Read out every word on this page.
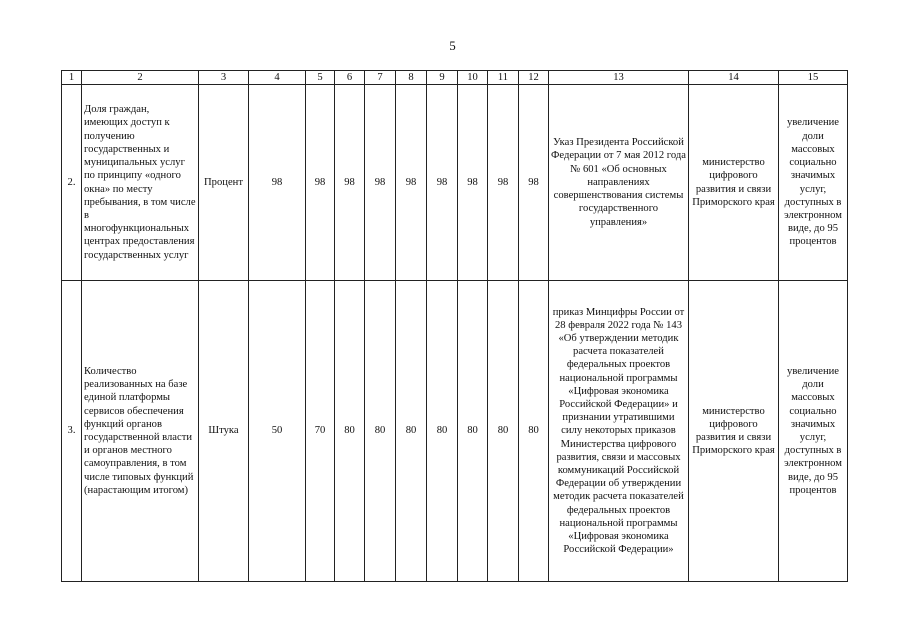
5
1	2	3	4	5	6	7	8	9	10	11	12	13	14	15
2.	Доля граждан, имеющих доступ к получению государственных и муниципальных услуг по принципу «одного окна» по месту пребывания, в том числе в многофункциональных центрах предоставления государственных услуг	Процент	98	98	98	98	98	98	98	98	98	Указ Президента Российской Федерации от 7 мая 2012 года № 601 «Об основных направлениях совершенствования системы государственного управления»	министерство цифрового развития и связи Приморского края	увеличение доли массовых социально значимых услуг, доступных в электронном виде, до 95 процентов
3.	Количество реализованных на базе единой платформы сервисов обеспечения функций органов государственной власти и органов местного самоуправления, в том числе типовых функций (нарастающим итогом)	Штука	50	70	80	80	80	80	80	80	80	приказ Минцифры России от 28 февраля 2022 года № 143 «Об утверждении методик расчета показателей федеральных проектов национальной программы «Цифровая экономика Российской Федерации» и признании утратившими силу некоторых приказов Министерства цифрового развития, связи и массовых коммуникаций Российской Федерации об утверждении методик расчета показателей федеральных проектов национальной программы «Цифровая экономика Российской Федерации»	министерство цифрового развития и связи Приморского края	увеличение доли массовых социально значимых услуг, доступных в электронном виде, до 95 процентов
